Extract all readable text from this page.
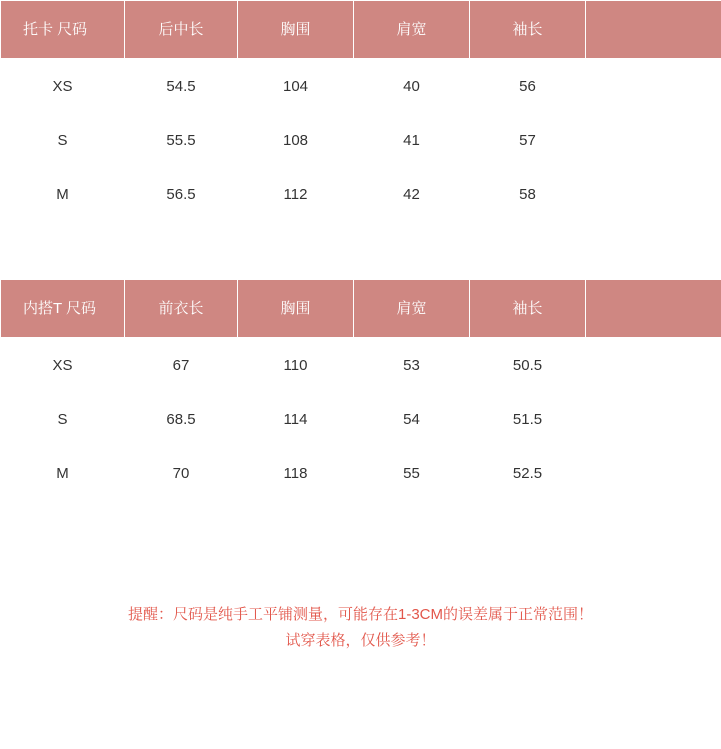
托卡 尺码	后中长	胸围	肩宽	袖长	
XS	54.5	104	40	56	
S	55.5	108	41	57	
M	56.5	112	42	58	
内搭T 尺码	前衣长	胸围	肩宽	袖长	
XS	67	110	53	50.5	
S	68.5	114	54	51.5	
M	70	118	55	52.5	
提醒：尺码是纯手工平铺测量，可能存在1-3CM的误差属于正常范围！
试穿表格，仅供参考！
